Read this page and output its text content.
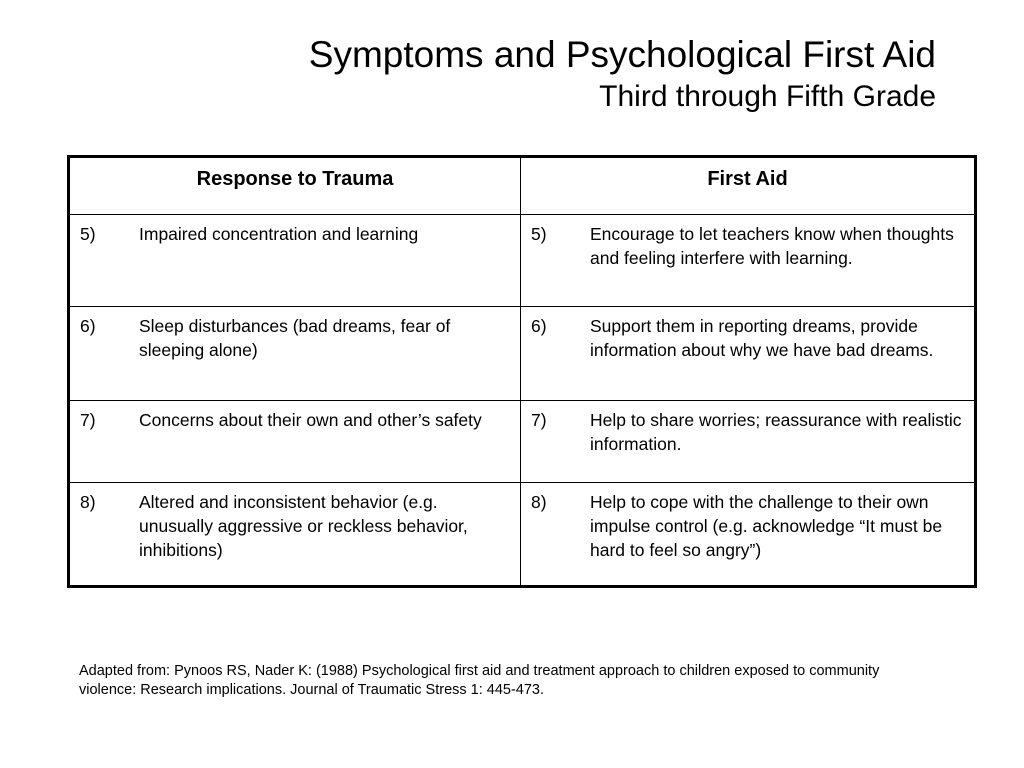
Symptoms and Psychological First Aid
Third through Fifth Grade
Response to Trauma	First Aid

5) Impaired concentration and learning	5) Encourage to let teachers know when thoughts and feeling interfere with learning.

6) Sleep disturbances (bad dreams, fear of sleeping alone)	6) Support them in reporting dreams, provide information about why we have bad dreams.

7) Concerns about their own and other’s safety	7) Help to share worries; reassurance with realistic information.

8) Altered and inconsistent behavior (e.g. unusually aggressive or reckless behavior, inhibitions)	8) Help to cope with the challenge to their own impulse control (e.g. acknowledge “It must be hard to feel so angry”)
Adapted from: Pynoos RS, Nader K: (1988) Psychological first aid and treatment approach to children exposed to community violence: Research implications. Journal of Traumatic Stress 1: 445-473.
